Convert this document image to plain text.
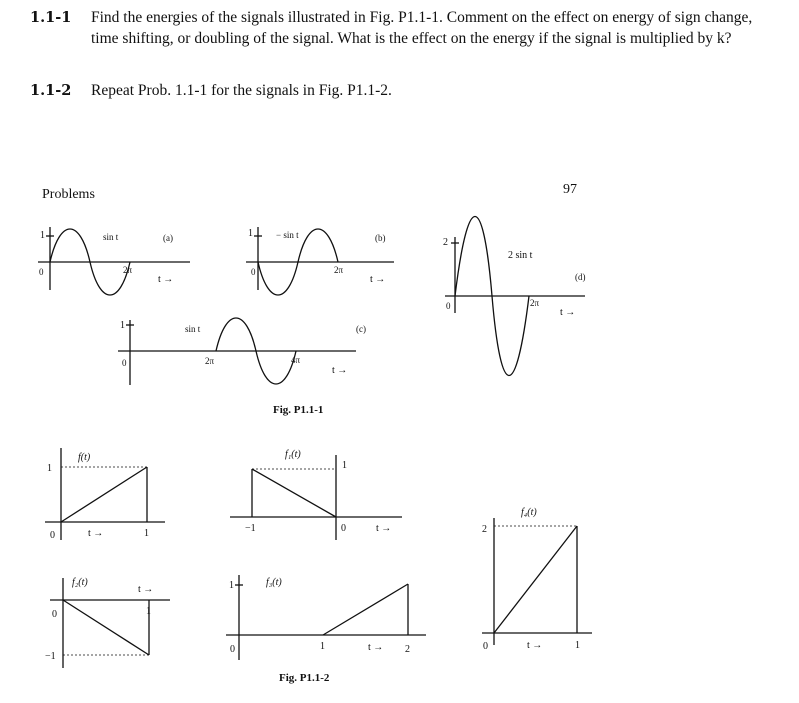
1.1-1 Find the energies of the signals illustrated in Fig. P1.1-1. Comment on the effect on energy of sign change, time shifting, or doubling of the signal. What is the effect on the energy if the signal is multiplied by k?
1.1-2 Repeat Prob. 1.1-1 for the signals in Fig. P1.1-2.
Problems	97
1
0
sin t	(a)
2π
t →
1
0
− sin t	(b)
2π
t →
2
0
2 sin t
(d)
2π
t →
1
0
sin t	(c)
2π	4π
t →
Fig. P1.1-1
f(t)
1
0	t →	1
f₁(t)
1
0
−1	t →
f₂(t)
t →
0
−1
1
f₃(t)
1
0	1	2
t →
f₄(t)
2
0	t →	1
Fig. P1.1-2
